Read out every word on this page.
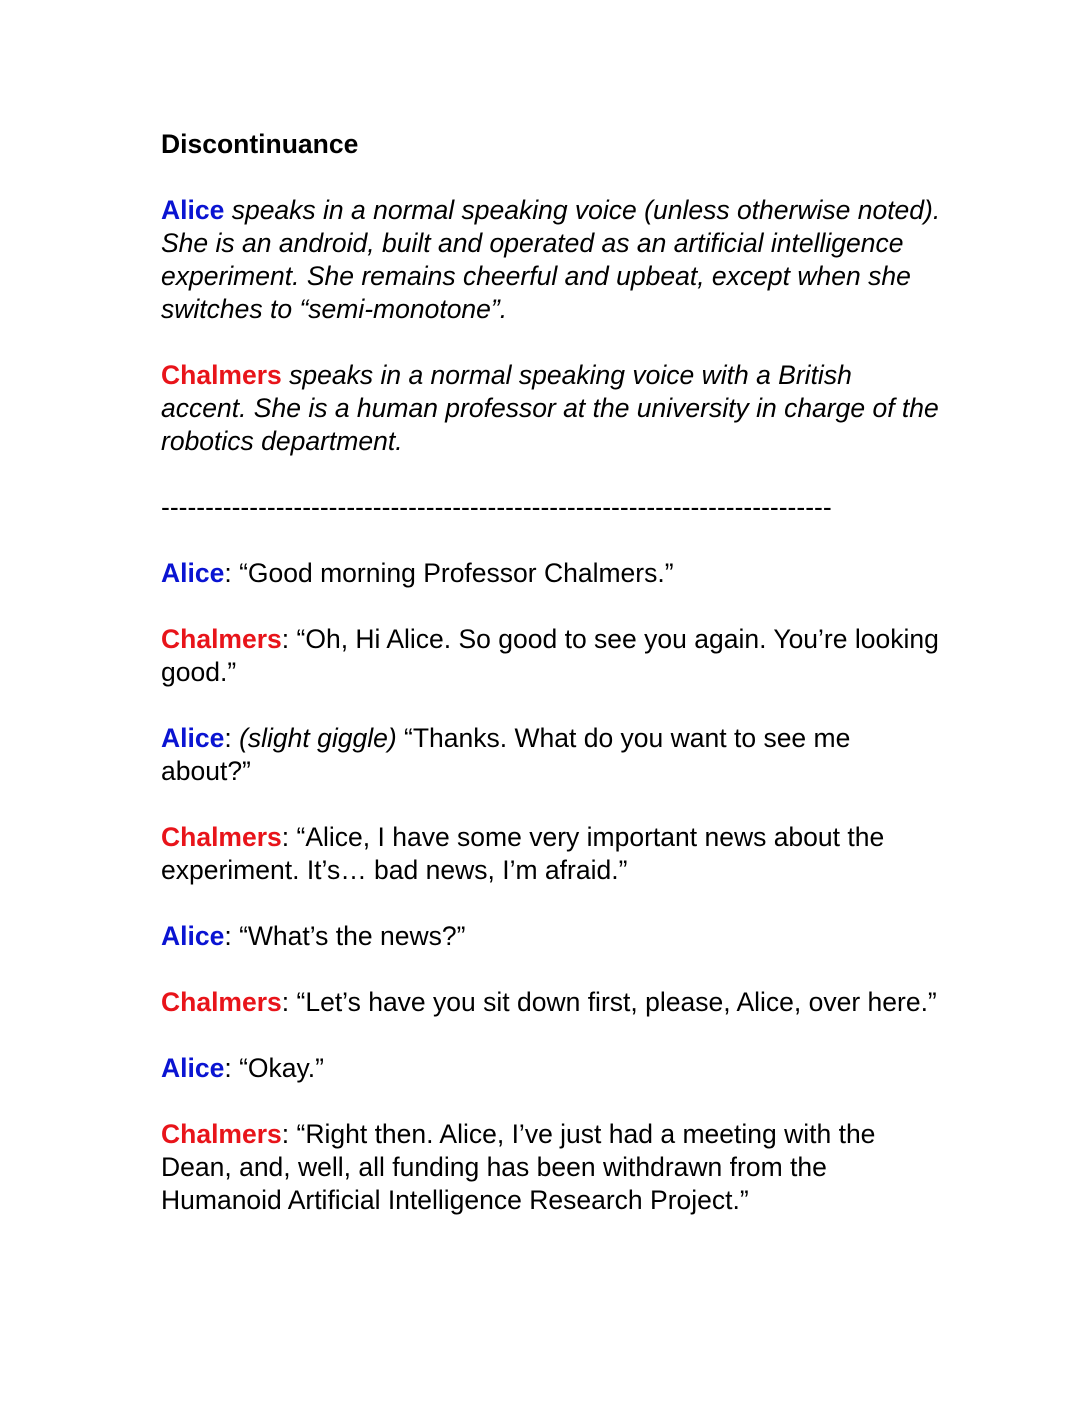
Discontinuance
Alice speaks in a normal speaking voice (unless otherwise noted). She is an android, built and operated as an artificial intelligence experiment. She remains cheerful and upbeat, except when she switches to “semi-monotone”.
Chalmers speaks in a normal speaking voice with a British accent. She is a human professor at the university in charge of the robotics department.
----------------------------------------------------------------------------
Alice: “Good morning Professor Chalmers.”
Chalmers: “Oh, Hi Alice. So good to see you again. You’re looking good.”
Alice: (slight giggle) “Thanks. What do you want to see me about?”
Chalmers: “Alice, I have some very important news about the experiment. It’s… bad news, I’m afraid.”
Alice: “What’s the news?”
Chalmers: “Let’s have you sit down first, please, Alice, over here.”
Alice: “Okay.”
Chalmers: “Right then. Alice, I’ve just had a meeting with the Dean, and, well, all funding has been withdrawn from the Humanoid Artificial Intelligence Research Project.”
